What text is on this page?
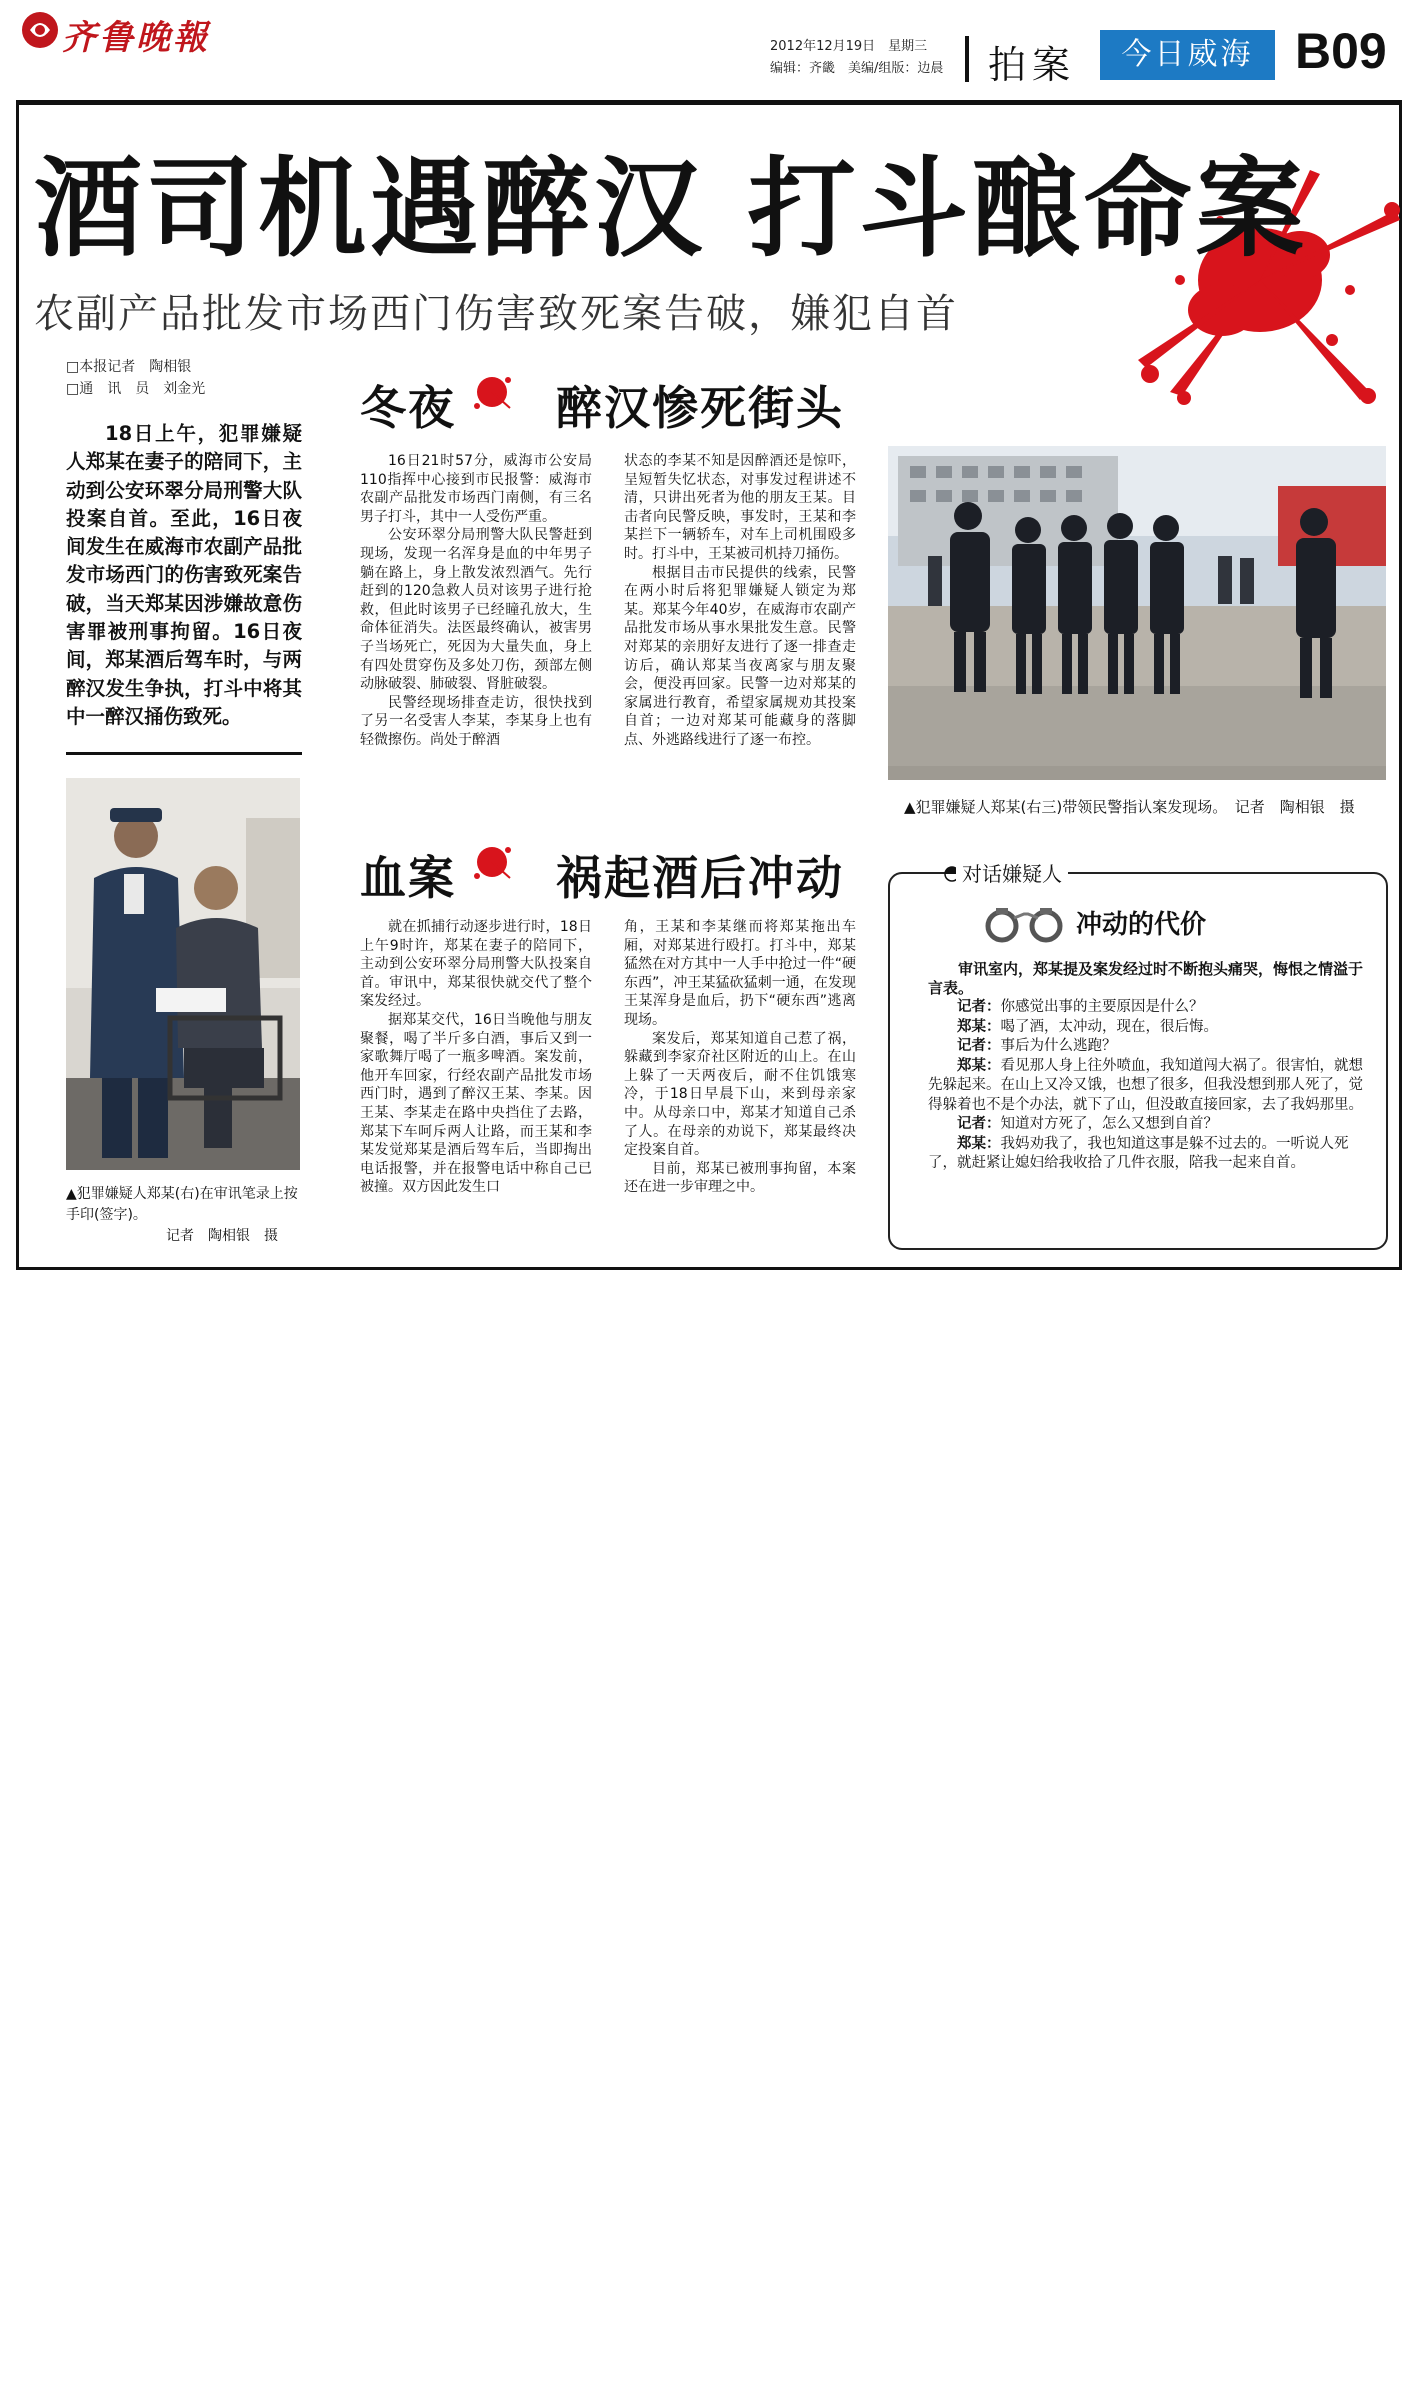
齐鲁晚報	2012年12月19日　星期三
编辑：齐畿　美编/组版：边晨 拍案	今日威海 B09
酒司机遇醉汉 打斗酿命案
农副产品批发市场西门伤害致死案告破，嫌犯自首
□本报记者　陶相银
□通　讯　员　刘金光
18日上午，犯罪嫌疑人郑某在妻子的陪同下，主动到公安环翠分局刑警大队投案自首。至此，16日夜间发生在威海市农副产品批发市场西门的伤害致死案告破，当天郑某因涉嫌故意伤害罪被刑事拘留。16日夜间，郑某酒后驾车时，与两醉汉发生争执，打斗中将其中一醉汉捅伤致死。
▲犯罪嫌疑人郑某(右)在审讯笔录上按手印(签字)。
记者　陶相银　摄
冬夜 醉汉惨死街头

16日21时57分，威海市公安局110指挥中心接到市民报警：威海市农副产品批发市场西门南侧，有三名男子打斗，其中一人受伤严重。

公安环翠分局刑警大队民警赶到现场，发现一名浑身是血的中年男子躺在路上，身上散发浓烈酒气。先行赶到的120急救人员对该男子进行抢救，但此时该男子已经瞳孔放大，生命体征消失。法医最终确认，被害男子当场死亡，死因为大量失血，身上有四处贯穿伤及多处刀伤，颈部左侧动脉破裂、肺破裂、肾脏破裂。

民警经现场排查走访，很快找到了另一名受害人李某，李某身上也有轻微擦伤。尚处于醉酒

状态的李某不知是因醉酒还是惊吓，呈短暂失忆状态，对事发过程讲述不清，只讲出死者为他的朋友王某。目击者向民警反映，事发时，王某和李某拦下一辆轿车，对车上司机围殴多时。打斗中，王某被司机持刀捅伤。

根据目击市民提供的线索，民警在两小时后将犯罪嫌疑人锁定为郑某。郑某今年40岁，在威海市农副产品批发市场从事水果批发生意。民警对郑某的亲朋好友进行了逐一排查走访后，确认郑某当夜离家与朋友聚会，便没再回家。民警一边对郑某的家属进行教育，希望家属规劝其投案自首；一边对郑某可能藏身的落脚点、外逃路线进行了逐一布控。

▲犯罪嫌疑人郑某(右三)带领民警指认案发现场。　记者　陶相银　摄
血案 祸起酒后冲动

就在抓捕行动逐步进行时，18日上午9时许，郑某在妻子的陪同下，主动到公安环翠分局刑警大队投案自首。审讯中，郑某很快就交代了整个案发经过。

据郑某交代，16日当晚他与朋友聚餐，喝了半斤多白酒，事后又到一家歌舞厅喝了一瓶多啤酒。案发前，他开车回家，行经农副产品批发市场西门时，遇到了醉汉王某、李某。因王某、李某走在路中央挡住了去路，郑某下车呵斥两人让路，而王某和李某发觉郑某是酒后驾车后，当即掏出电话报警，并在报警电话中称自己已被撞。双方因此发生口

角，王某和李某继而将郑某拖出车厢，对郑某进行殴打。打斗中，郑某猛然在对方其中一人手中抢过一件“硬东西”，冲王某猛砍猛刺一通，在发现王某浑身是血后，扔下“硬东西”逃离现场。

案发后，郑某知道自己惹了祸，躲藏到李家夼社区附近的山上。在山上躲了一天两夜后，耐不住饥饿寒冷，于18日早晨下山，来到母亲家中。从母亲口中，郑某才知道自己杀了人。在母亲的劝说下，郑某最终决定投案自首。

目前，郑某已被刑事拘留，本案还在进一步审理之中。

对话嫌疑人
冲动的代价
审讯室内，郑某提及案发经过时不断抱头痛哭，悔恨之情溢于言表。
记者：你感觉出事的主要原因是什么？
郑某：喝了酒，太冲动，现在，很后悔。
记者：事后为什么逃跑？
郑某：看见那人身上往外喷血，我知道闯大祸了。很害怕，就想先躲起来。在山上又冷又饿，也想了很多，但我没想到那人死了，觉得躲着也不是个办法，就下了山，但没敢直接回家，去了我妈那里。
记者：知道对方死了，怎么又想到自首？
郑某：我妈劝我了，我也知道这事是躲不过去的。一听说人死了，就赶紧让媳妇给我收拾了几件衣服，陪我一起来自首。
